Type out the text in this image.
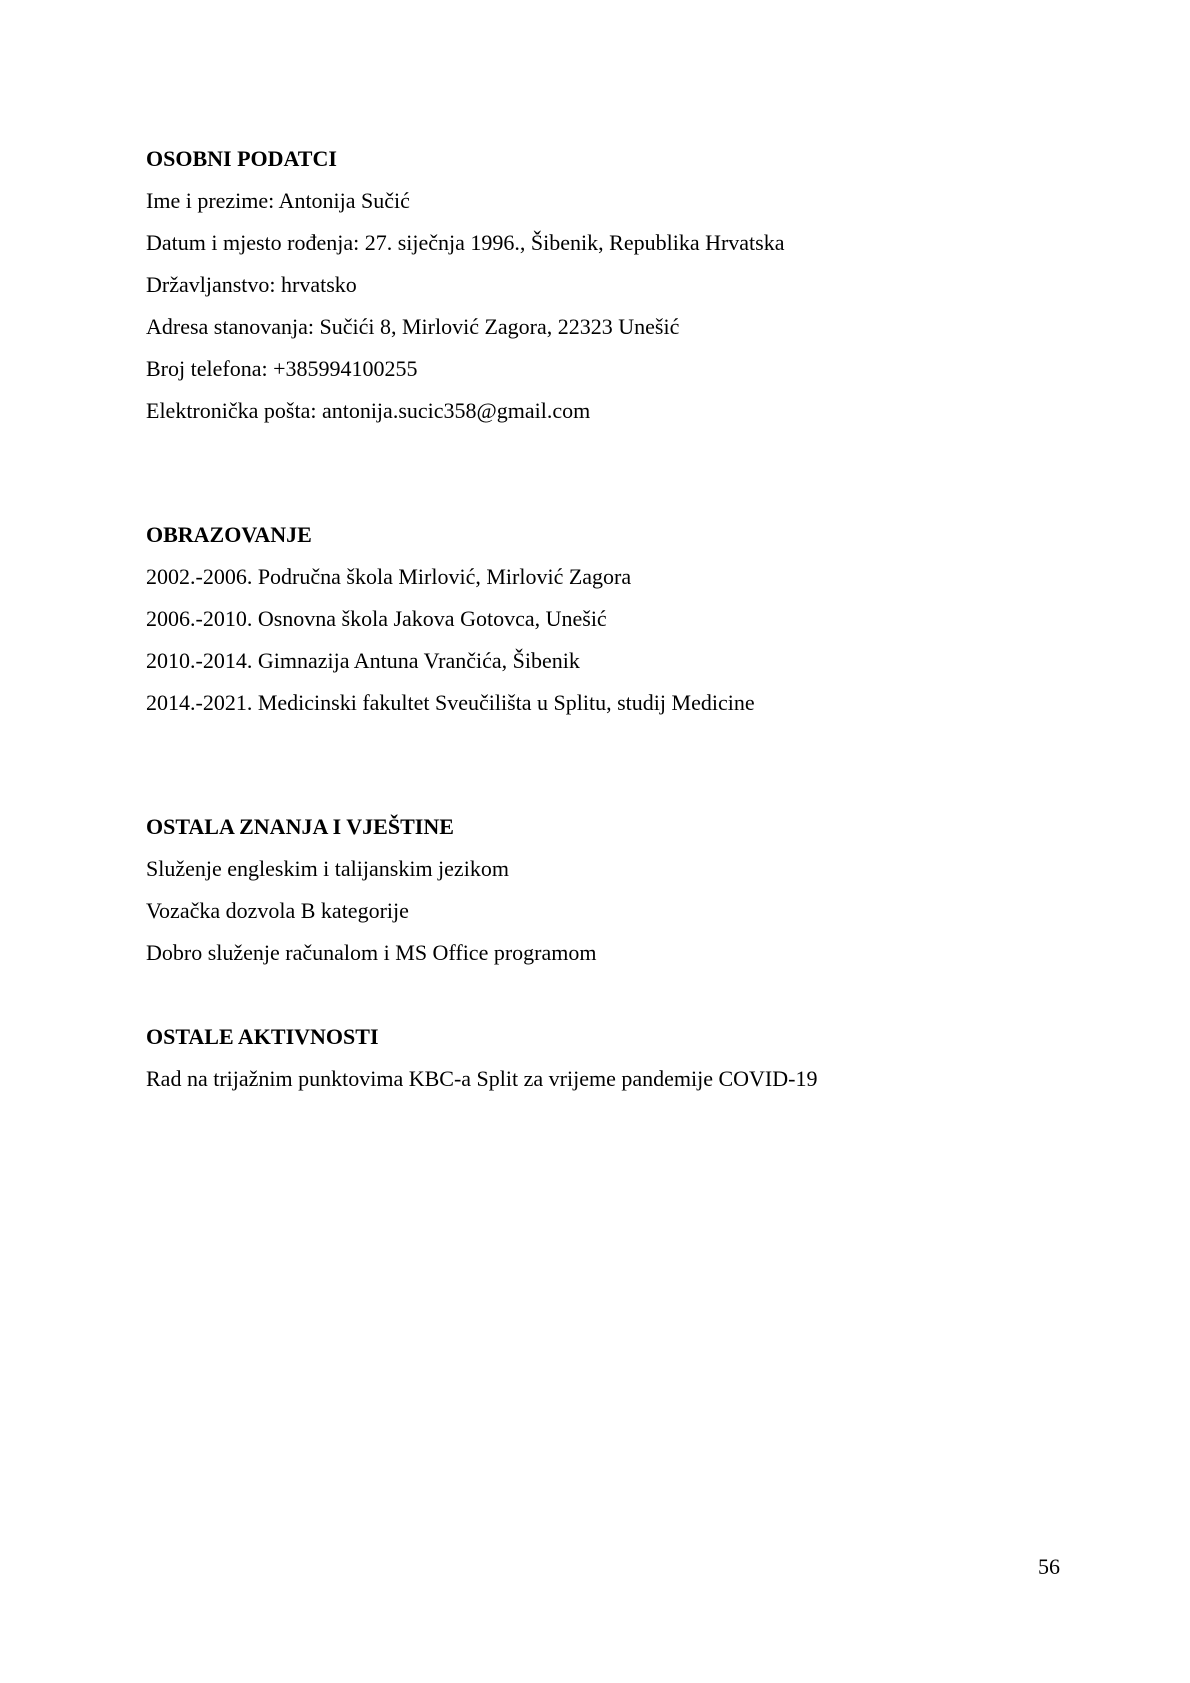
OSOBNI PODATCI
Ime i prezime: Antonija Sučić
Datum i mjesto rođenja: 27. siječnja 1996., Šibenik, Republika Hrvatska
Državljanstvo: hrvatsko
Adresa stanovanja: Sučići 8, Mirlović Zagora, 22323 Unešić
Broj telefona: +385994100255
Elektronička pošta: antonija.sucic358@gmail.com
OBRAZOVANJE
2002.-2006. Područna škola Mirlović, Mirlović Zagora
2006.-2010. Osnovna škola Jakova Gotovca, Unešić
2010.-2014. Gimnazija Antuna Vrančića, Šibenik
2014.-2021. Medicinski fakultet Sveučilišta u Splitu, studij Medicine
OSTALA ZNANJA I VJEŠTINE
Služenje engleskim i talijanskim jezikom
Vozačka dozvola B kategorije
Dobro služenje računalom i MS Office programom
OSTALE AKTIVNOSTI
Rad na trijažnim punktovima KBC-a Split za vrijeme pandemije COVID-19
56
